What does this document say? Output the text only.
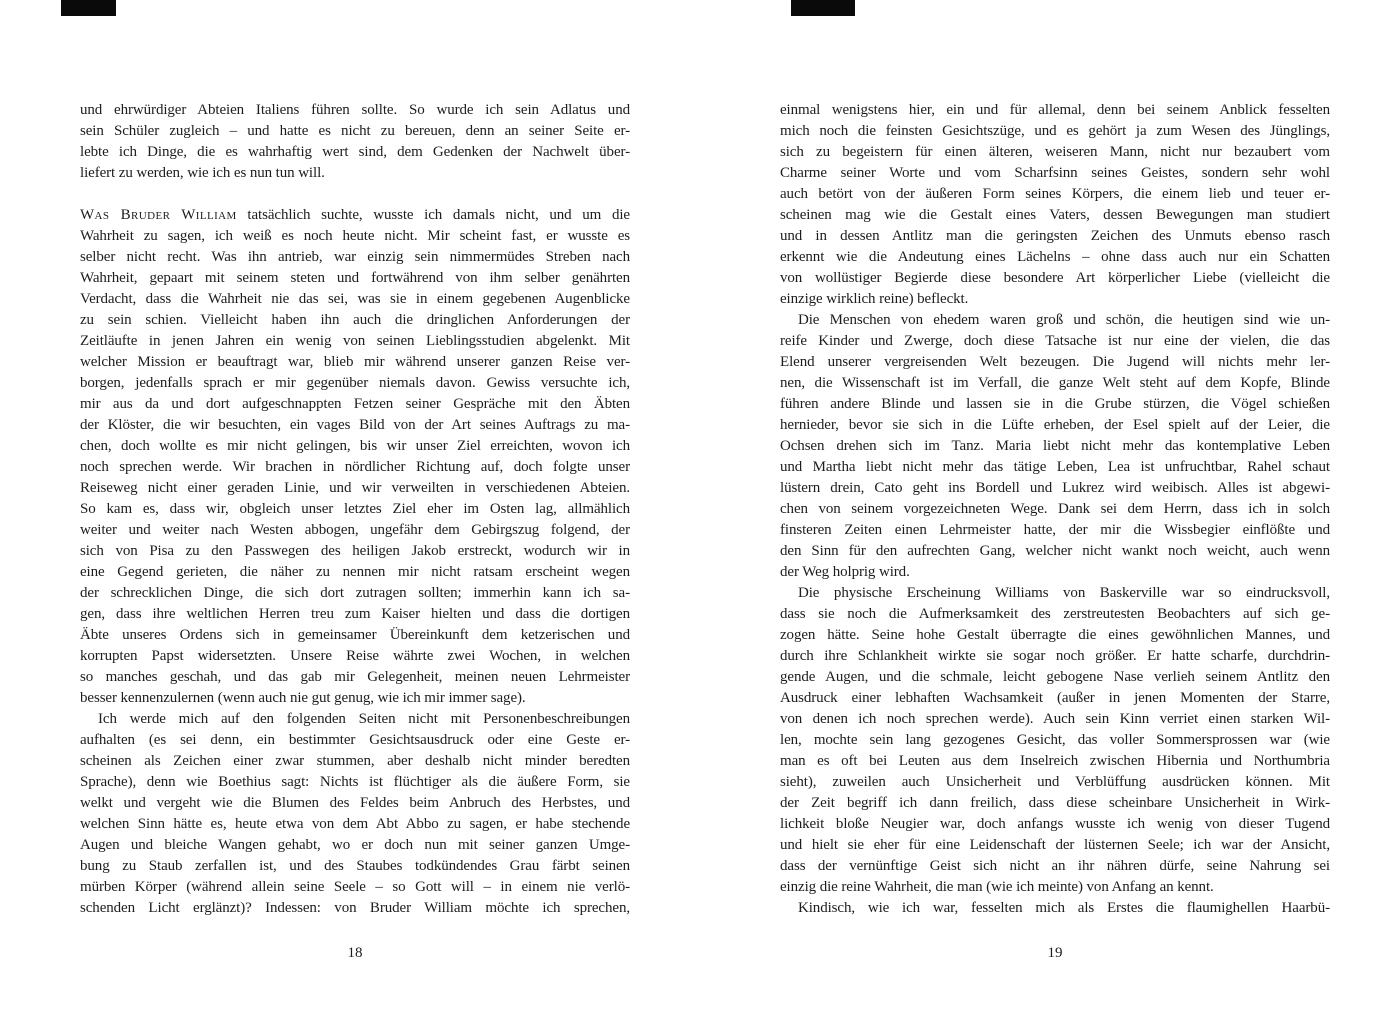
und ehrwürdiger Abteien Italiens führen sollte. So wurde ich sein Adlatus und
sein Schüler zugleich – und hatte es nicht zu bereuen, denn an seiner Seite er-
lebte ich Dinge, die es wahrhaftig wert sind, dem Gedenken der Nachwelt über-
liefert zu werden, wie ich es nun tun will.
Was Bruder William tatsächlich suchte, wusste ich damals nicht, und um die
Wahrheit zu sagen, ich weiß es noch heute nicht. Mir scheint fast, er wusste es
selber nicht recht. Was ihn antrieb, war einzig sein nimmermüdes Streben nach
Wahrheit, gepaart mit seinem steten und fortwährend von ihm selber genährten
Verdacht, dass die Wahrheit nie das sei, was sie in einem gegebenen Augenblicke
zu sein schien. Vielleicht haben ihn auch die dringlichen Anforderungen der
Zeitläufte in jenen Jahren ein wenig von seinen Lieblingsstudien abgelenkt. Mit
welcher Mission er beauftragt war, blieb mir während unserer ganzen Reise ver-
borgen, jedenfalls sprach er mir gegenüber niemals davon. Gewiss versuchte ich,
mir aus da und dort aufgeschnappten Fetzen seiner Gespräche mit den Äbten
der Klöster, die wir besuchten, ein vages Bild von der Art seines Auftrags zu ma-
chen, doch wollte es mir nicht gelingen, bis wir unser Ziel erreichten, wovon ich
noch sprechen werde. Wir brachen in nördlicher Richtung auf, doch folgte unser
Reiseweg nicht einer geraden Linie, und wir verweilten in verschiedenen Abteien.
So kam es, dass wir, obgleich unser letztes Ziel eher im Osten lag, allmählich
weiter und weiter nach Westen abbogen, ungefähr dem Gebirgszug folgend, der
sich von Pisa zu den Passwegen des heiligen Jakob erstreckt, wodurch wir in
eine Gegend gerieten, die näher zu nennen mir nicht ratsam erscheint wegen
der schrecklichen Dinge, die sich dort zutragen sollten; immerhin kann ich sa-
gen, dass ihre weltlichen Herren treu zum Kaiser hielten und dass die dortigen
Äbte unseres Ordens sich in gemeinsamer Übereinkunft dem ketzerischen und
korrupten Papst widersetzten. Unsere Reise währte zwei Wochen, in welchen
so manches geschah, und das gab mir Gelegenheit, meinen neuen Lehrmeister
besser kennenzulernen (wenn auch nie gut genug, wie ich mir immer sage).
Ich werde mich auf den folgenden Seiten nicht mit Personenbeschreibungen
aufhalten (es sei denn, ein bestimmter Gesichtsausdruck oder eine Geste er-
scheinen als Zeichen einer zwar stummen, aber deshalb nicht minder beredten
Sprache), denn wie Boethius sagt: Nichts ist flüchtiger als die äußere Form, sie
welkt und vergeht wie die Blumen des Feldes beim Anbruch des Herbstes, und
welchen Sinn hätte es, heute etwa von dem Abt Abbo zu sagen, er habe stechende
Augen und bleiche Wangen gehabt, wo er doch nun mit seiner ganzen Umge-
bung zu Staub zerfallen ist, und des Staubes todkündendes Grau färbt seinen
mürben Körper (während allein seine Seele – so Gott will – in einem nie verlö-
schenden Licht erglänzt)? Indessen: von Bruder William möchte ich sprechen,
18
einmal wenigstens hier, ein und für allemal, denn bei seinem Anblick fesselten
mich noch die feinsten Gesichtszüge, und es gehört ja zum Wesen des Jünglings,
sich zu begeistern für einen älteren, weiseren Mann, nicht nur bezaubert vom
Charme seiner Worte und vom Scharfsinn seines Geistes, sondern sehr wohl
auch betört von der äußeren Form seines Körpers, die einem lieb und teuer er-
scheinen mag wie die Gestalt eines Vaters, dessen Bewegungen man studiert
und in dessen Antlitz man die geringsten Zeichen des Unmuts ebenso rasch
erkennt wie die Andeutung eines Lächelns – ohne dass auch nur ein Schatten
von wollüstiger Begierde diese besondere Art körperlicher Liebe (vielleicht die
einzige wirklich reine) befleckt.
Die Menschen von ehedem waren groß und schön, die heutigen sind wie un-
reife Kinder und Zwerge, doch diese Tatsache ist nur eine der vielen, die das
Elend unserer vergreisenden Welt bezeugen. Die Jugend will nichts mehr ler-
nen, die Wissenschaft ist im Verfall, die ganze Welt steht auf dem Kopfe, Blinde
führen andere Blinde und lassen sie in die Grube stürzen, die Vögel schießen
hernieder, bevor sie sich in die Lüfte erheben, der Esel spielt auf der Leier, die
Ochsen drehen sich im Tanz. Maria liebt nicht mehr das kontemplative Leben
und Martha liebt nicht mehr das tätige Leben, Lea ist unfruchtbar, Rahel schaut
lüstern drein, Cato geht ins Bordell und Lukrez wird weibisch. Alles ist abgewi-
chen von seinem vorgezeichneten Wege. Dank sei dem Herrn, dass ich in solch
finsteren Zeiten einen Lehrmeister hatte, der mir die Wissbegier einflößte und
den Sinn für den aufrechten Gang, welcher nicht wankt noch weicht, auch wenn
der Weg holprig wird.
Die physische Erscheinung Williams von Baskerville war so eindrucksvoll,
dass sie noch die Aufmerksamkeit des zerstreutesten Beobachters auf sich ge-
zogen hätte. Seine hohe Gestalt überragte die eines gewöhnlichen Mannes, und
durch ihre Schlankheit wirkte sie sogar noch größer. Er hatte scharfe, durchdrin-
gende Augen, und die schmale, leicht gebogene Nase verlieh seinem Antlitz den
Ausdruck einer lebhaften Wachsamkeit (außer in jenen Momenten der Starre,
von denen ich noch sprechen werde). Auch sein Kinn verriet einen starken Wil-
len, mochte sein lang gezogenes Gesicht, das voller Sommersprossen war (wie
man es oft bei Leuten aus dem Inselreich zwischen Hibernia und Northumbria
sieht), zuweilen auch Unsicherheit und Verblüffung ausdrücken können. Mit
der Zeit begriff ich dann freilich, dass diese scheinbare Unsicherheit in Wirk-
lichkeit bloße Neugier war, doch anfangs wusste ich wenig von dieser Tugend
und hielt sie eher für eine Leidenschaft der lüsternen Seele; ich war der Ansicht,
dass der vernünftige Geist sich nicht an ihr nähren dürfe, seine Nahrung sei
einzig die reine Wahrheit, die man (wie ich meinte) von Anfang an kennt.
Kindisch, wie ich war, fesselten mich als Erstes die flaumighellen Haarbü-
19
